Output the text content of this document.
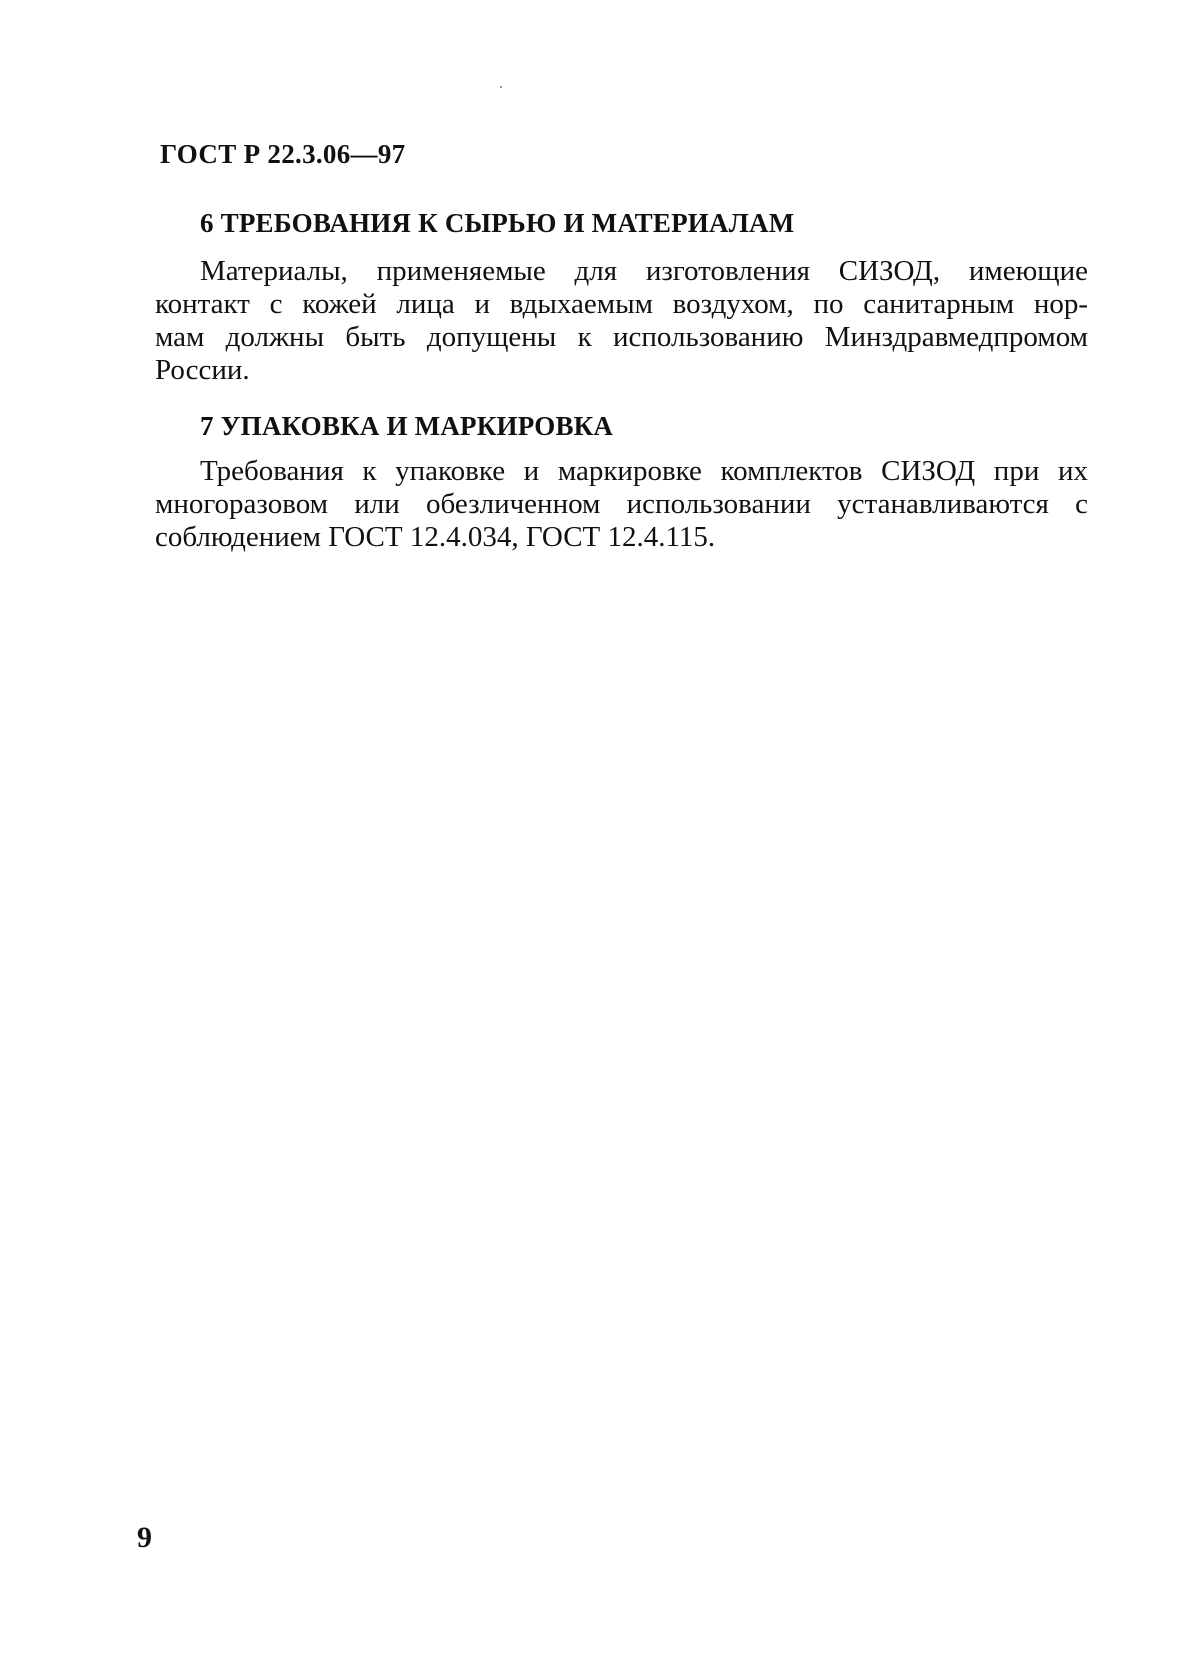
ГОСТ Р 22.3.06—97
6 ТРЕБОВАНИЯ К СЫРЬЮ И МАТЕРИАЛАМ
Материалы, применяемые для изготовления СИЗОД, имеющие
контакт с кожей лица и вдыхаемым воздухом, по санитарным нор-
мам должны быть допущены к использованию Минздравмедпромом
России.
7 УПАКОВКА И МАРКИРОВКА
Требования к упаковке и маркировке комплектов СИЗОД при их
многоразовом или обезличенном использовании устанавливаются с
соблюдением ГОСТ 12.4.034, ГОСТ 12.4.115.
9
